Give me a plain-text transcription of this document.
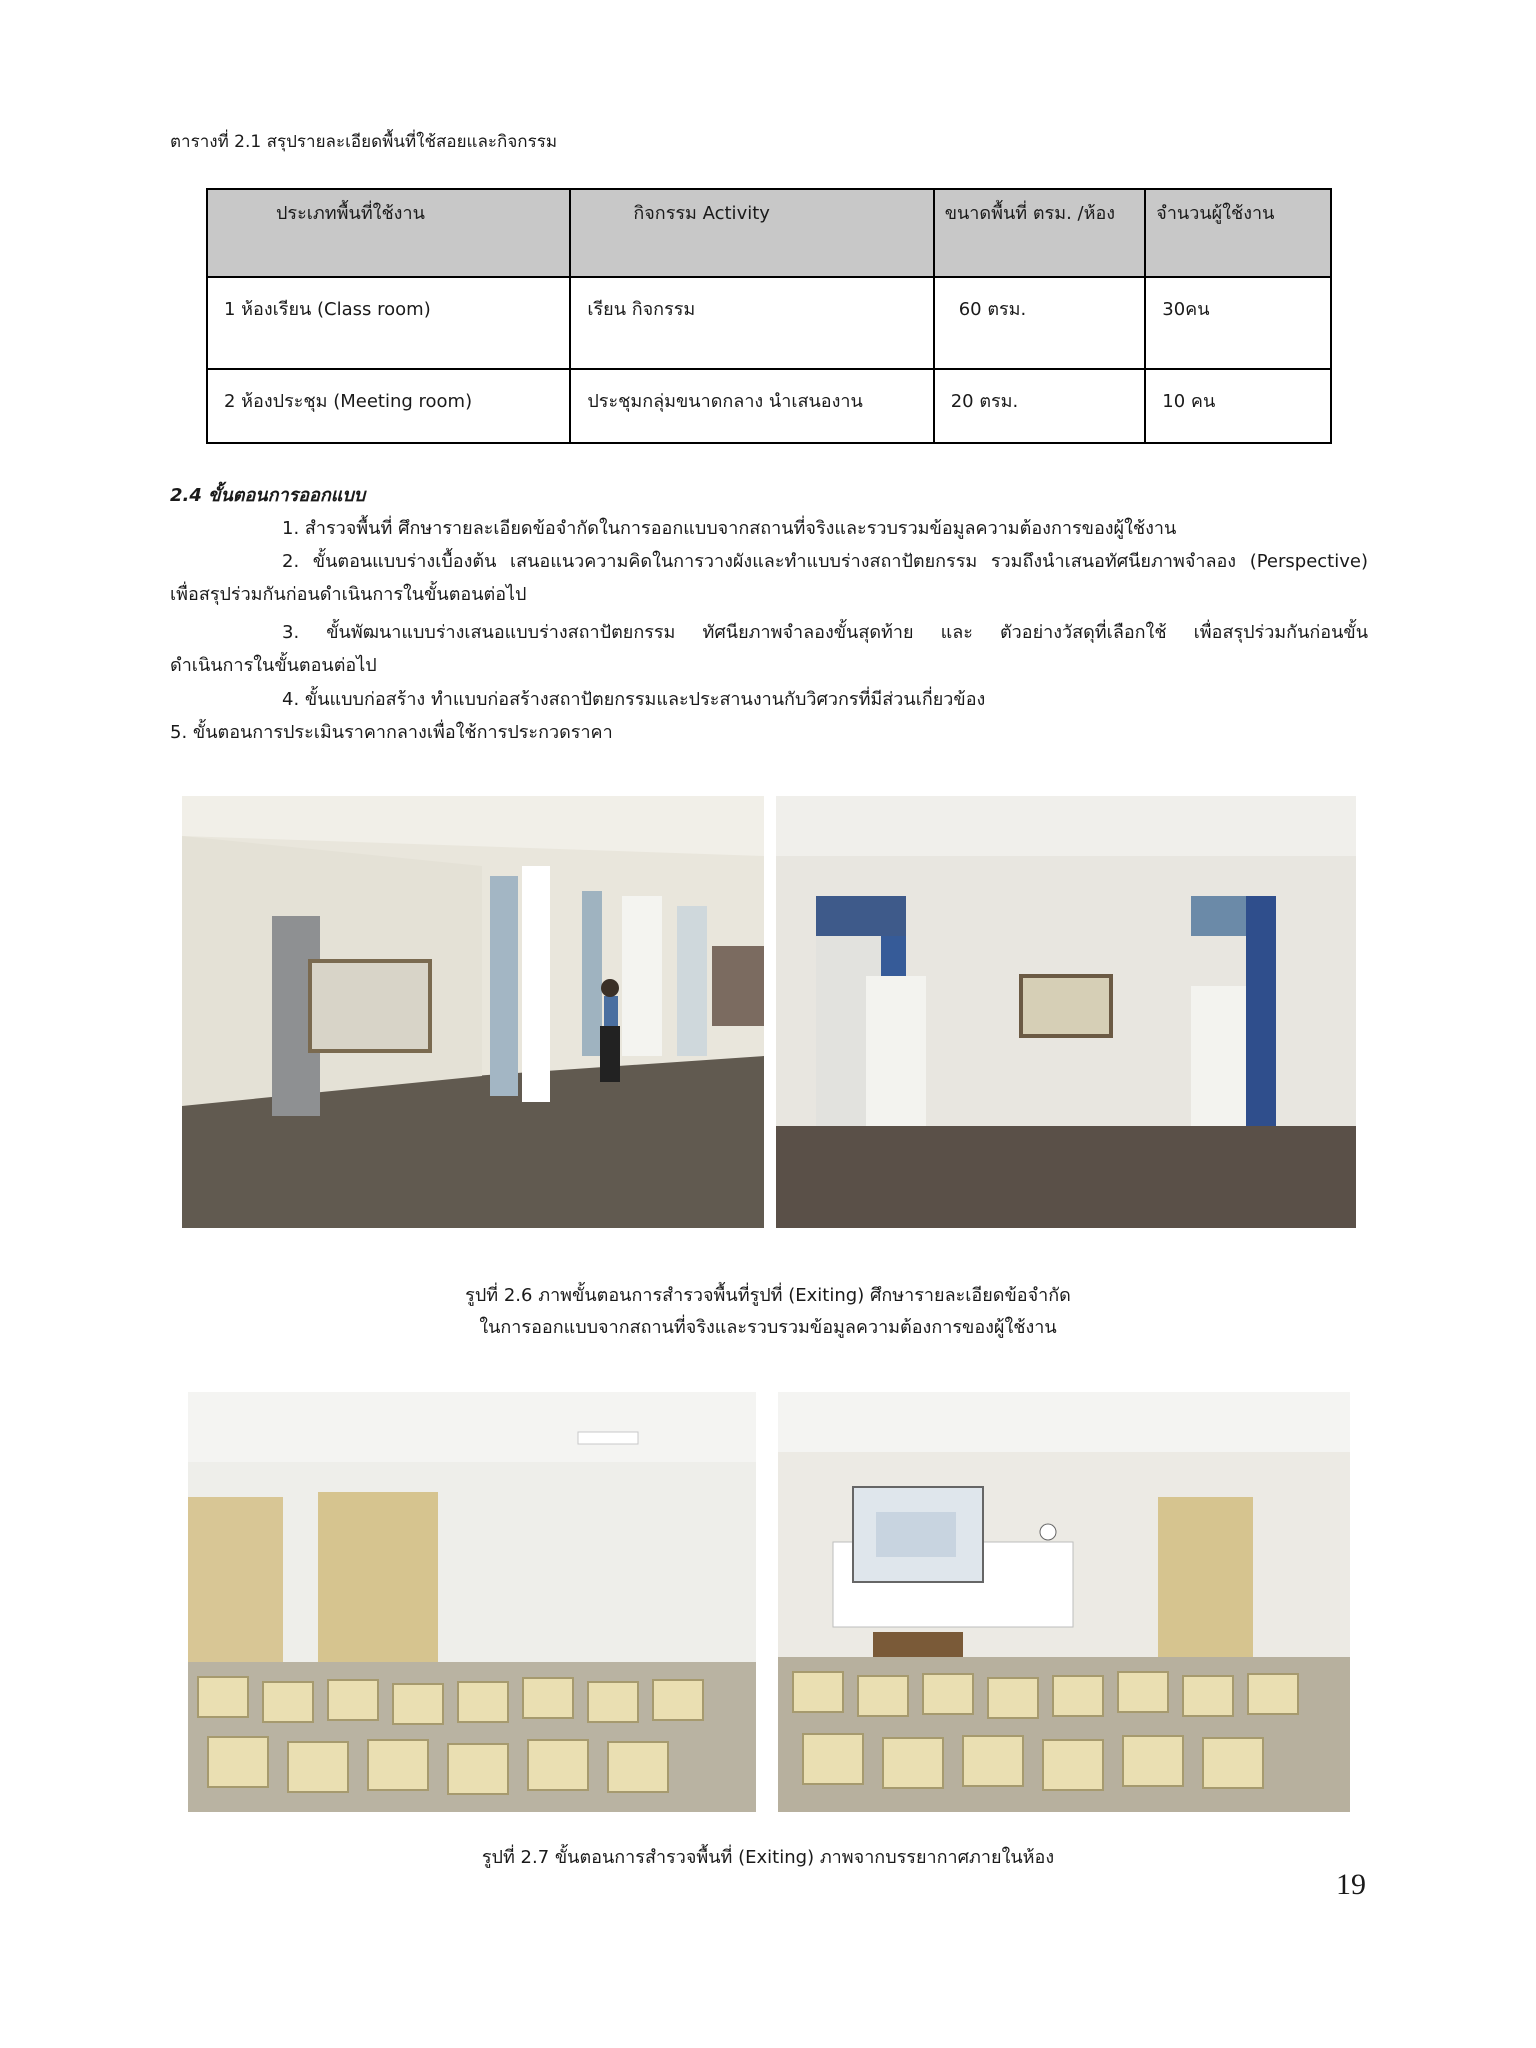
ตารางที่ 2.1 สรุปรายละเอียดพื้นที่ใช้สอยและกิจกรรม
ประเภทพื้นที่ใช้งาน	กิจกรรม Activity	ขนาดพื้นที่ ตรม. /ห้อง	จำนวนผู้ใช้งาน
1 ห้องเรียน (Class room)	เรียน กิจกรรม	60 ตรม.	30คน
2 ห้องประชุม (Meeting room)	ประชุมกลุ่มขนาดกลาง นำเสนองาน	20 ตรม.	10 คน
2.4 ขั้นตอนการออกแบบ
1. สำรวจพื้นที่ ศึกษารายละเอียดข้อจำกัดในการออกแบบจากสถานที่จริงและรวบรวมข้อมูลความต้องการของผู้ใช้งาน
2. ขั้นตอนแบบร่างเบื้องต้น เสนอแนวความคิดในการวางผังและทำแบบร่างสถาปัตยกรรม รวมถึงนำเสนอทัศนียภาพจำลอง (Perspective)
เพื่อสรุปร่วมกันก่อนดำเนินการในขั้นตอนต่อไป
3. ขั้นพัฒนาแบบร่างเสนอแบบร่างสถาปัตยกรรม ทัศนียภาพจำลองขั้นสุดท้าย และ ตัวอย่างวัสดุที่เลือกใช้ เพื่อสรุปร่วมกันก่อนขั้น
ดำเนินการในขั้นตอนต่อไป
4. ขั้นแบบก่อสร้าง ทำแบบก่อสร้างสถาปัตยกรรมและประสานงานกับวิศวกรที่มีส่วนเกี่ยวข้อง
5. ขั้นตอนการประเมินราคากลางเพื่อใช้การประกวดราคา
รูปที่ 2.6 ภาพขั้นตอนการสำรวจพื้นที่รูปที่ (Exiting) ศึกษารายละเอียดข้อจำกัด
ในการออกแบบจากสถานที่จริงและรวบรวมข้อมูลความต้องการของผู้ใช้งาน
รูปที่ 2.7 ขั้นตอนการสำรวจพื้นที่ (Exiting) ภาพจากบรรยากาศภายในห้อง
19
